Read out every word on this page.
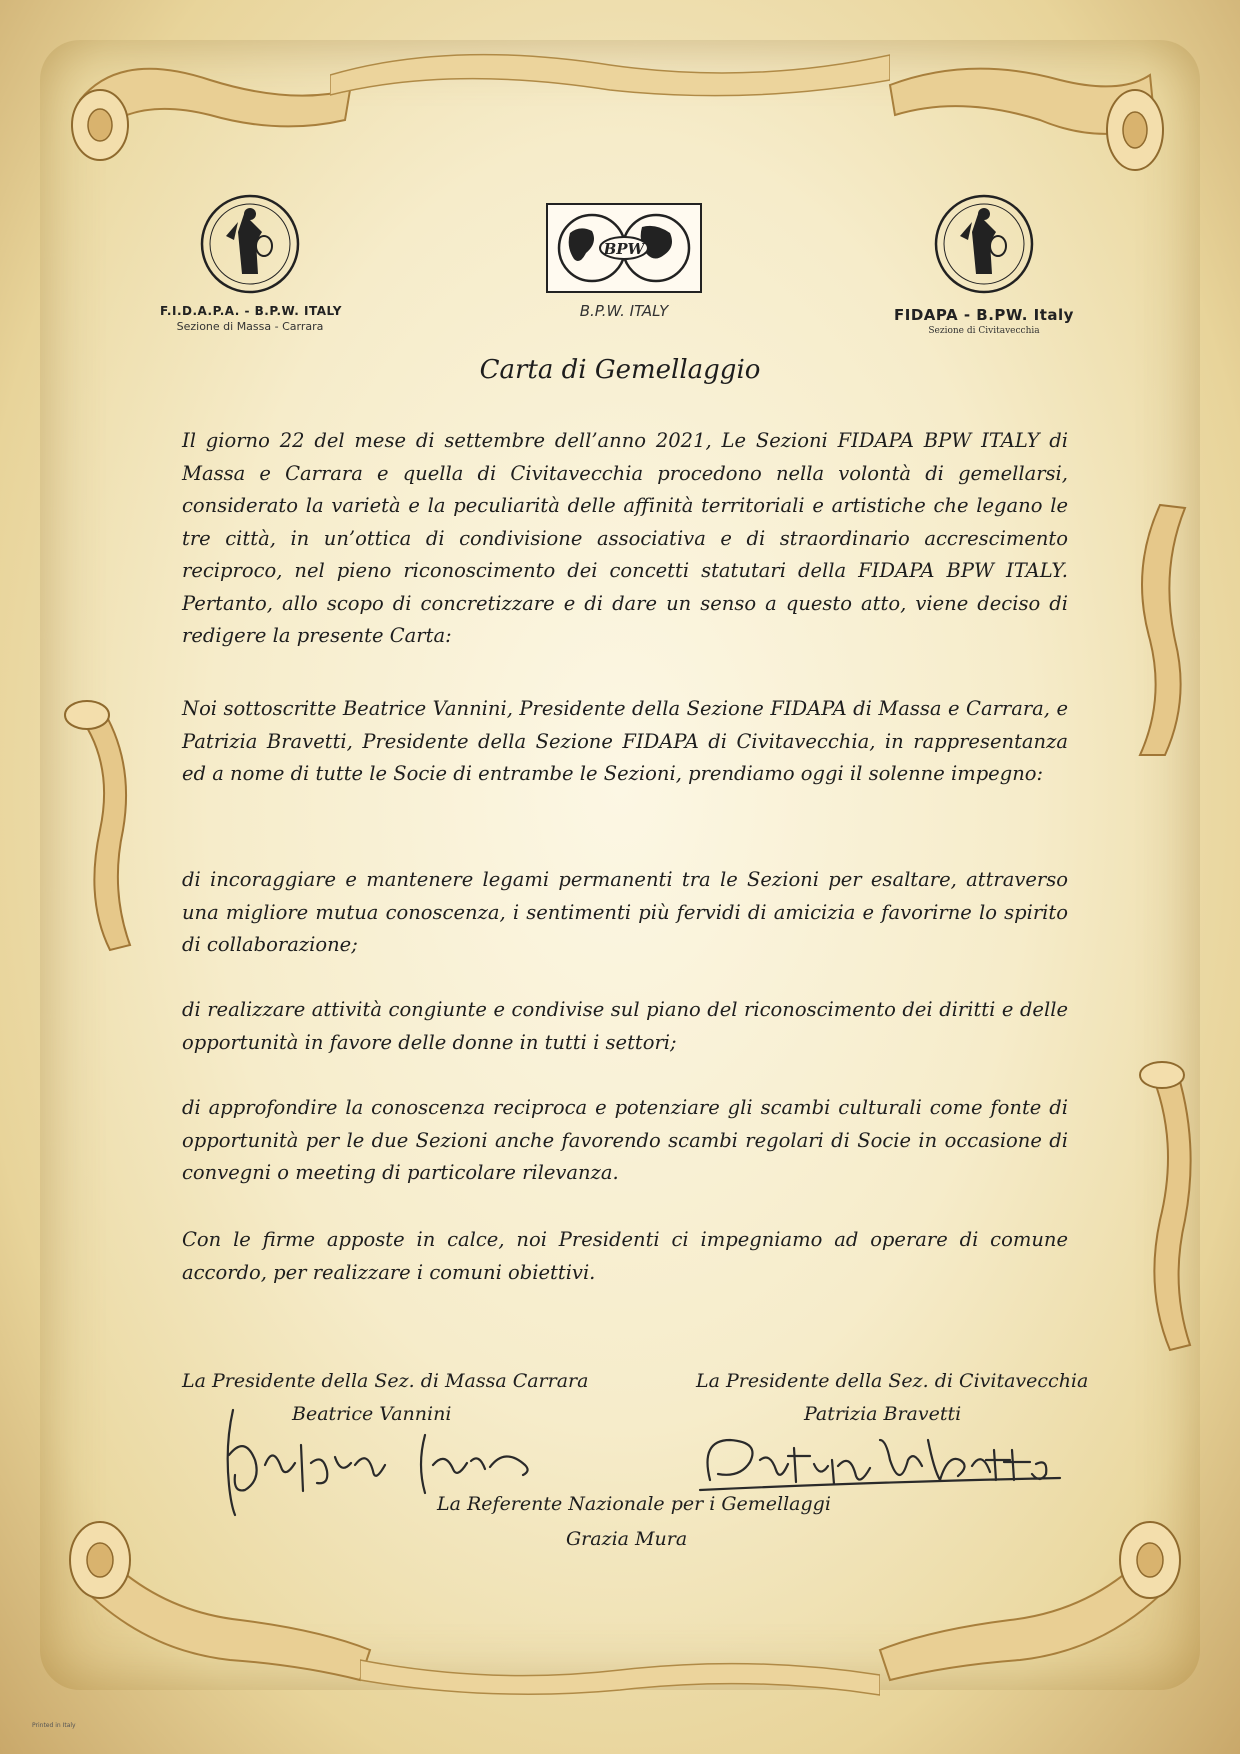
F.I.D.A.P.A. - B.P.W. ITALY
Sezione di Massa - Carrara
BPW
B.P.W. ITALY	FIDAPA - B.PW. Italy
Sezione di Civitavecchia
Carta di Gemellaggio
Il giorno 22 del mese di settembre dell’anno 2021, Le Sezioni FIDAPA BPW ITALY di Massa e Carrara e quella di Civitavecchia procedono nella volontà di gemellarsi, considerato la varietà e la peculiarità delle affinità territoriali e artistiche che legano le tre città, in un’ottica di condivisione associativa e di straordinario accrescimento reciproco, nel pieno riconoscimento dei concetti statutari della FIDAPA BPW ITALY. Pertanto, allo scopo di concretizzare e di dare un senso a questo atto, viene deciso di redigere la presente Carta:
Noi sottoscritte Beatrice Vannini, Presidente della Sezione FIDAPA di Massa e Carrara, e Patrizia Bravetti, Presidente della Sezione FIDAPA di Civitavecchia, in rappresentanza ed a nome di tutte le Socie di entrambe le Sezioni, prendiamo oggi il solenne impegno:
di incoraggiare e mantenere legami permanenti tra le Sezioni per esaltare, attraverso una migliore mutua conoscenza, i sentimenti più fervidi di amicizia e favorirne lo spirito di collaborazione;
di realizzare attività congiunte e condivise sul piano del riconoscimento dei diritti e delle opportunità in favore delle donne in tutti i settori;
di approfondire la conoscenza reciproca e potenziare gli scambi culturali come fonte di opportunità per le due Sezioni anche favorendo scambi regolari di Socie in occasione di convegni o meeting di particolare rilevanza.
Con le firme apposte in calce, noi Presidenti ci impegniamo ad operare di comune accordo, per realizzare i comuni obiettivi.
La Presidente della Sez. di Massa Carrara
Beatrice Vannini
La Presidente della Sez. di Civitavecchia
Patrizia Bravetti
La Referente Nazionale per i Gemellaggi
Grazia Mura
Printed in Italy
